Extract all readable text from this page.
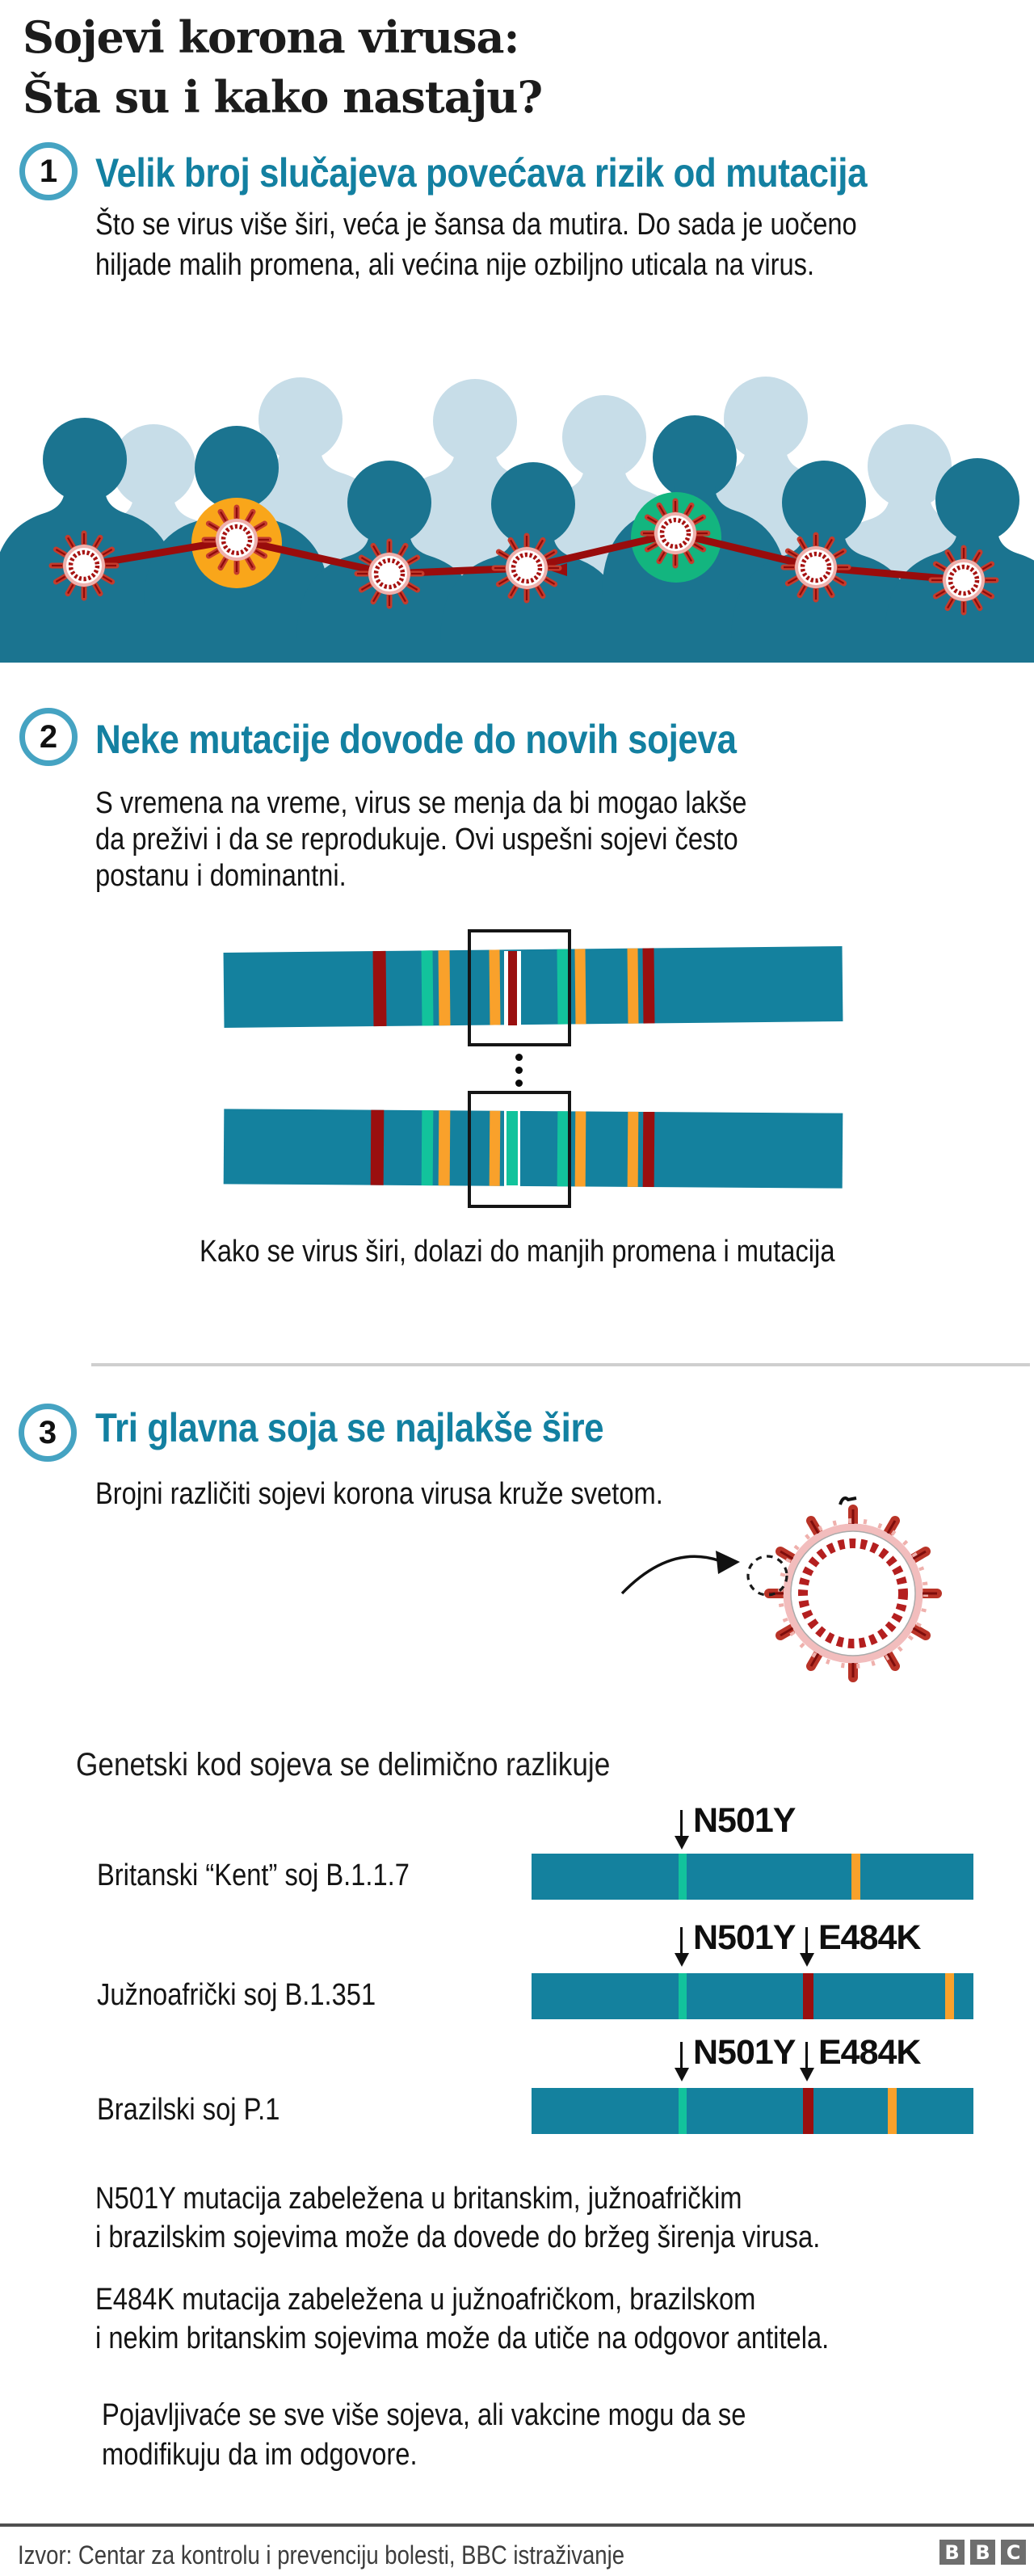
Sojevi korona virusa:
Šta su i kako nastaju?
1 Velik broj slučajeva povećava rizik od mutacija
Što se virus više širi, veća je šansa da mutira. Do sada je uočeno
hiljade malih promena, ali većina nije ozbiljno uticala na virus.
2 Neke mutacije dovode do novih sojeva
S vremena na vreme, virus se menja da bi mogao lakše
da preživi i da se reprodukuje. Ovi uspešni sojevi često
postanu i dominantni.
Kako se virus širi, dolazi do manjih promena i mutacija
3 Tri glavna soja se najlakše šire
Brojni različiti sojevi korona virusa kruže svetom.
Genetski kod sojeva se delimično razlikuje
N501Y
Britanski “Kent” soj B.1.1.7
N501Y E484K
Južnoafrički soj B.1.351
N501Y E484K
Brazilski soj P.1
N501Y mutacija zabeležena u britanskim, južnoafričkim
i brazilskim sojevima može da dovede do bržeg širenja virusa.
E484K mutacija zabeležena u južnoafričkom, brazilskom
i nekim britanskim sojevima može da utiče na odgovor antitela.
Pojavljivaće se sve više sojeva, ali vakcine mogu da se
modifikuju da im odgovore.
Izvor: Centar za kontrolu i prevenciju bolesti, BBC istraživanje	B B C
